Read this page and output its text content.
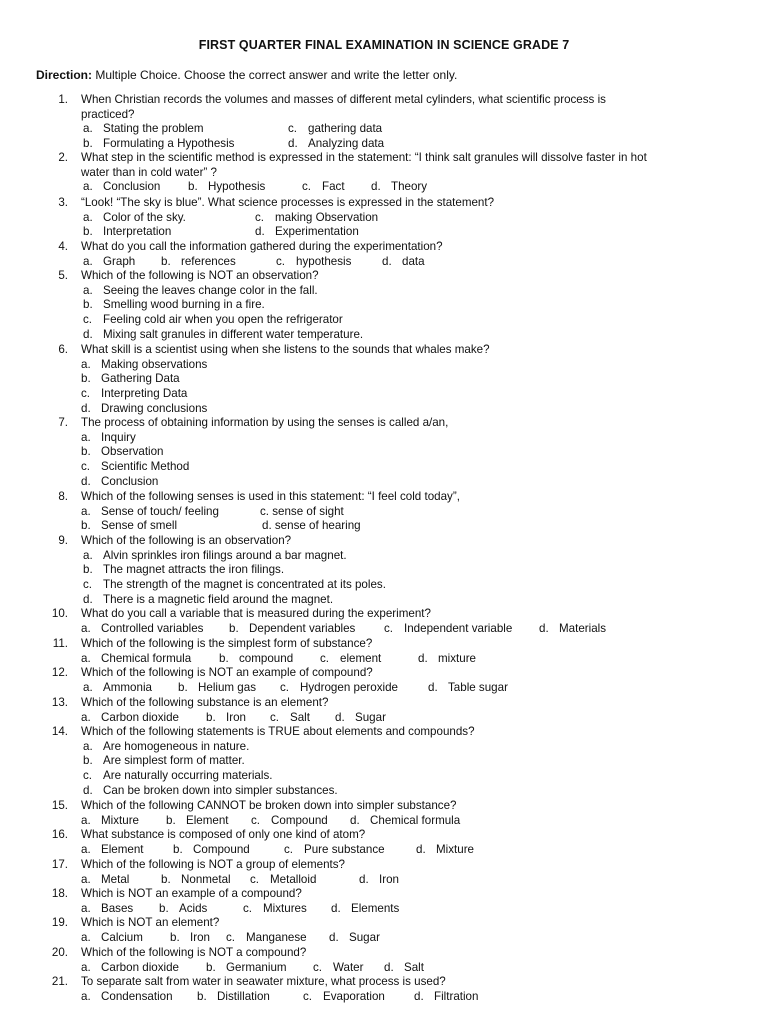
FIRST QUARTER FINAL EXAMINATION IN SCIENCE GRADE 7
Direction: Multiple Choice. Choose the correct answer and write the letter only.
1. When Christian records the volumes and masses of different metal cylinders, what scientific process is
practiced?
a. Stating the problem	c. gathering data
b. Formulating a Hypothesis	d. Analyzing data
2. What step in the scientific method is expressed in the statement: “I think salt granules will dissolve faster in hot
water than in cold water” ?
a. Conclusion b. Hypothesis	c. Fact d. Theory
3. “Look! “The sky is blue”. What science processes is expressed in the statement?
a. Color of the sky.	c. making Observation
b. Interpretation	d. Experimentation
4. What do you call the information gathered during the experimentation?
a. Graph b. references	c. hypothesis	d. data
5. Which of the following is NOT an observation?
a. Seeing the leaves change color in the fall.
b. Smelling wood burning in a fire.
c. Feeling cold air when you open the refrigerator
d. Mixing salt granules in different water temperature.
6. What skill is a scientist using when she listens to the sounds that whales make?
a. Making observations
b. Gathering Data
c. Interpreting Data
d. Drawing conclusions
7. The process of obtaining information by using the senses is called a/an,
a. Inquiry
b. Observation
c. Scientific Method
d. Conclusion
8. Which of the following senses is used in this statement: “I feel cold today”,
a. Sense of touch/ feeling	c. sense of sight
b. Sense of smell	d. sense of hearing
9. Which of the following is an observation?
a. Alvin sprinkles iron filings around a bar magnet.
b. The magnet attracts the iron filings.
c. The strength of the magnet is concentrated at its poles.
d. There is a magnetic field around the magnet.
10. What do you call a variable that is measured during the experiment?
a. Controlled variables b. Dependent variables c. Independent variable d. Materials
11. Which of the following is the simplest form of substance?
a. Chemical formula b. compound c. element	d. mixture
12. Which of the following is NOT an example of compound?
a. Ammonia b. Helium gas c. Hydrogen peroxide	d. Table sugar
13. Which of the following substance is an element?
a. Carbon dioxide b. Iron c. Salt d. Sugar
14. Which of the following statements is TRUE about elements and compounds?
a. Are homogeneous in nature.
b. Are simplest form of matter.
c. Are naturally occurring materials.
d. Can be broken down into simpler substances.
15. Which of the following CANNOT be broken down into simpler substance?
a. Mixture b. Element c. Compound d. Chemical formula
16. What substance is composed of only one kind of atom?
a. Element	b. Compound	c. Pure substance	d. Mixture
17. Which of the following is NOT a group of elements?
a. Metal	b. Nonmetal c. Metalloid	d. Iron
18. Which is NOT an example of a compound?
a. Bases b. Acids	c. Mixtures d. Elements
19. Which is NOT an element?
a. Calcium b. Iron c. Manganese d. Sugar
20. Which of the following is NOT a compound?
a. Carbon dioxide b. Germanium c. Water d. Salt
21. To separate salt from water in seawater mixture, what process is used?
a. Condensation b. Distillation	c. Evaporation	d. Filtration
